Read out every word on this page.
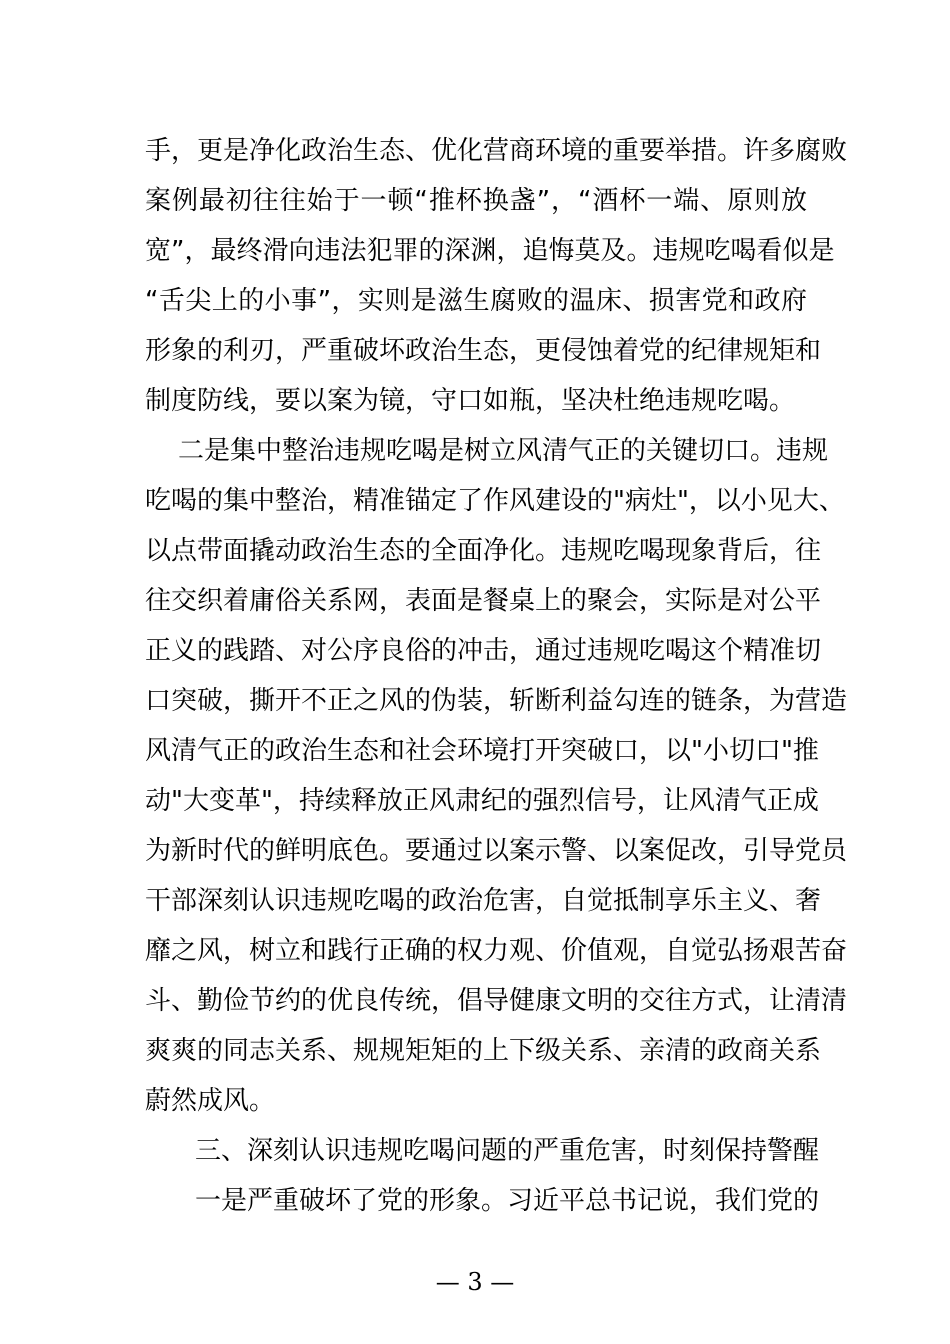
手，更是净化政治生态、优化营商环境的重要举措。许多腐败
案例最初往往始于一顿“推杯换盏”，“酒杯一端、原则放
宽”，最终滑向违法犯罪的深渊，追悔莫及。违规吃喝看似是
“舌尖上的小事”，实则是滋生腐败的温床、损害党和政府
形象的利刃，严重破坏政治生态，更侵蚀着党的纪律规矩和
制度防线，要以案为镜，守口如瓶，坚决杜绝违规吃喝。
二是集中整治违规吃喝是树立风清气正的关键切口。违规
吃喝的集中整治，精准锚定了作风建设的"病灶"，以小见大、
以点带面撬动政治生态的全面净化。违规吃喝现象背后，往
往交织着庸俗关系网，表面是餐桌上的聚会，实际是对公平
正义的践踏、对公序良俗的冲击，通过违规吃喝这个精准切
口突破，撕开不正之风的伪装，斩断利益勾连的链条，为营造
风清气正的政治生态和社会环境打开突破口，以"小切口"推
动"大变革"，持续释放正风肃纪的强烈信号，让风清气正成
为新时代的鲜明底色。要通过以案示警、以案促改，引导党员
干部深刻认识违规吃喝的政治危害，自觉抵制享乐主义、奢
靡之风，树立和践行正确的权力观、价值观，自觉弘扬艰苦奋
斗、勤俭节约的优良传统，倡导健康文明的交往方式，让清清
爽爽的同志关系、规规矩矩的上下级关系、亲清的政商关系
蔚然成风。
三、深刻认识违规吃喝问题的严重危害，时刻保持警醒
一是严重破坏了党的形象。习近平总书记说，我们党的
— 3 —
